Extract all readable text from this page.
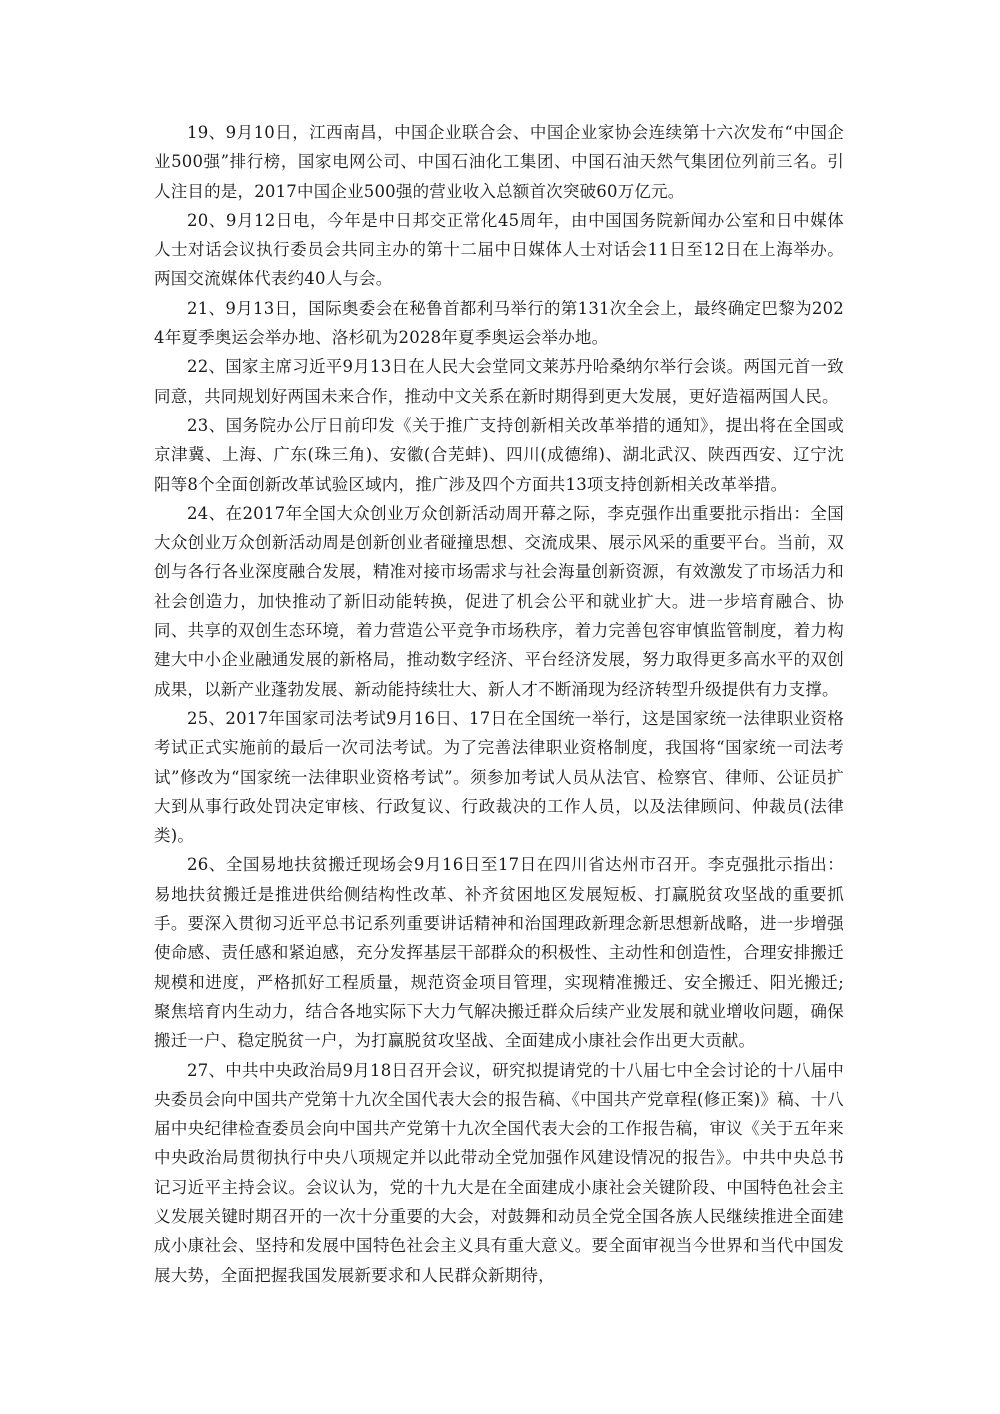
19、9月10日，江西南昌，中国企业联合会、中国企业家协会连续第十六次发布“中国企业500强”排行榜，国家电网公司、中国石油化工集团、中国石油天然气集团位列前三名。引人注目的是，2017中国企业500强的营业收入总额首次突破60万亿元。

20、9月12日电，今年是中日邦交正常化45周年，由中国国务院新闻办公室和日中媒体人士对话会议执行委员会共同主办的第十二届中日媒体人士对话会11日至12日在上海举办。两国交流媒体代表约40人与会。

21、9月13日，国际奥委会在秘鲁首都利马举行的第131次全会上，最终确定巴黎为2024年夏季奥运会举办地、洛杉矶为2028年夏季奥运会举办地。

22、国家主席习近平9月13日在人民大会堂同文莱苏丹哈桑纳尔举行会谈。两国元首一致同意，共同规划好两国未来合作，推动中文关系在新时期得到更大发展，更好造福两国人民。

23、国务院办公厅日前印发《关于推广支持创新相关改革举措的通知》，提出将在全国或京津冀、上海、广东(珠三角)、安徽(合芜蚌)、四川(成德绵)、湖北武汉、陕西西安、辽宁沈阳等8个全面创新改革试验区域内，推广涉及四个方面共13项支持创新相关改革举措。

24、在2017年全国大众创业万众创新活动周开幕之际，李克强作出重要批示指出：全国大众创业万众创新活动周是创新创业者碰撞思想、交流成果、展示风采的重要平台。当前，双创与各行各业深度融合发展，精准对接市场需求与社会海量创新资源，有效激发了市场活力和社会创造力，加快推动了新旧动能转换，促进了机会公平和就业扩大。进一步培育融合、协同、共享的双创生态环境，着力营造公平竞争市场秩序，着力完善包容审慎监管制度，着力构建大中小企业融通发展的新格局，推动数字经济、平台经济发展，努力取得更多高水平的双创成果，以新产业蓬勃发展、新动能持续壮大、新人才不断涌现为经济转型升级提供有力支撑。

25、2017年国家司法考试9月16日、17日在全国统一举行，这是国家统一法律职业资格考试正式实施前的最后一次司法考试。为了完善法律职业资格制度，我国将“国家统一司法考试”修改为“国家统一法律职业资格考试”。须参加考试人员从法官、检察官、律师、公证员扩大到从事行政处罚决定审核、行政复议、行政裁决的工作人员，以及法律顾问、仲裁员(法律类)。

26、全国易地扶贫搬迁现场会9月16日至17日在四川省达州市召开。李克强批示指出：易地扶贫搬迁是推进供给侧结构性改革、补齐贫困地区发展短板、打赢脱贫攻坚战的重要抓手。要深入贯彻习近平总书记系列重要讲话精神和治国理政新理念新思想新战略，进一步增强使命感、责任感和紧迫感，充分发挥基层干部群众的积极性、主动性和创造性，合理安排搬迁规模和进度，严格抓好工程质量，规范资金项目管理，实现精准搬迁、安全搬迁、阳光搬迁;聚焦培育内生动力，结合各地实际下大力气解决搬迁群众后续产业发展和就业增收问题，确保搬迁一户、稳定脱贫一户，为打赢脱贫攻坚战、全面建成小康社会作出更大贡献。

27、中共中央政治局9月18日召开会议，研究拟提请党的十八届七中全会讨论的十八届中央委员会向中国共产党第十九次全国代表大会的报告稿、《中国共产党章程(修正案)》稿、十八届中央纪律检查委员会向中国共产党第十九次全国代表大会的工作报告稿，审议《关于五年来中央政治局贯彻执行中央八项规定并以此带动全党加强作风建设情况的报告》。中共中央总书记习近平主持会议。会议认为，党的十九大是在全面建成小康社会关键阶段、中国特色社会主义发展关键时期召开的一次十分重要的大会，对鼓舞和动员全党全国各族人民继续推进全面建成小康社会、坚持和发展中国特色社会主义具有重大意义。要全面审视当今世界和当代中国发展大势，全面把握我国发展新要求和人民群众新期待，
